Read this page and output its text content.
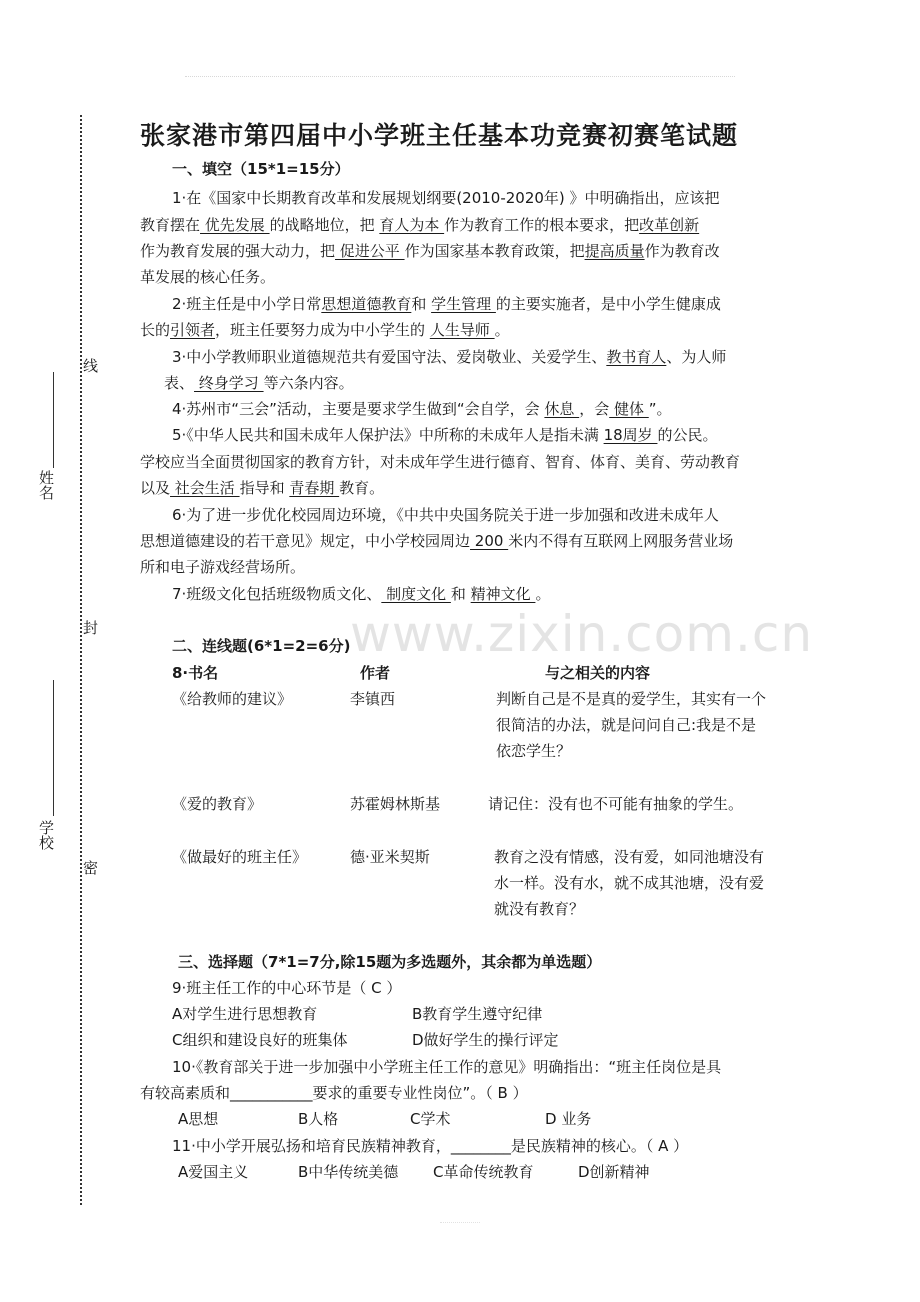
姓名
学校
线
封
密
www.zixin.com.cn
张家港市第四届中小学班主任基本功竞赛初赛笔试题
一、填空（15*1=15分）
1·在《国家中长期教育改革和发展规划纲要(2010-2020年) 》中明确指出，应该把
教育摆在 优先发展 的战略地位，把 育人为本 作为教育工作的根本要求，把改革创新
作为教育发展的强大动力，把 促进公平 作为国家基本教育政策，把提高质量作为教育改
革发展的核心任务。
2·班主任是中小学日常思想道德教育和 学生管理 的主要实施者，是中小学生健康成
长的引领者，班主任要努力成为中小学生的 人生导师 。
3·中小学教师职业道德规范共有爱国守法、爱岗敬业、关爱学生、教书育人、为人师
表、 终身学习 等六条内容。
4·苏州市“三会”活动，主要是要求学生做到“会自学，会 休息 ，会 健体 ”。
5·《中华人民共和国未成年人保护法》中所称的未成年人是指未满 18周岁 的公民。
学校应当全面贯彻国家的教育方针，对未成年学生进行德育、智育、体育、美育、劳动教育
以及 社会生活 指导和 青春期 教育。
6·为了进一步优化校园周边环境，《中共中央国务院关于进一步加强和改进未成年人
思想道德建设的若干意见》规定，中小学校园周边 200 米内不得有互联网上网服务营业场
所和电子游戏经营场所。
7·班级文化包括班级物质文化、 制度文化 和 精神文化 。
二、连线题(6*1=2=6分)
8·书名	作者	与之相关的内容
《给教师的建议》	李镇西	判断自己是不是真的爱学生，其实有一个
很简洁的办法，就是问问自己:我是不是
依恋学生？
《爱的教育》	苏霍姆林斯基	请记住：没有也不可能有抽象的学生。
《做最好的班主任》	德·亚米契斯	教育之没有情感，没有爱，如同池塘没有
水一样。没有水，就不成其池塘，没有爱
就没有教育？
三、选择题（7*1=7分,除15题为多选题外，其余都为单选题）
9·班主任工作的中心环节是（ C ）
A对学生进行思想教育	B教育学生遵守纪律
C组织和建设良好的班集体	D做好学生的操行评定
10·《教育部关于进一步加强中小学班主任工作的意见》明确指出：“班主任岗位是具
有较高素质和___________要求的重要专业性岗位”。（ B ）
A思想	B人格	C学术	D 业务
11·中小学开展弘扬和培育民族精神教育，________是民族精神的核心。（ A ）
A爱国主义	B中华传统美德 C革命传统教育	D创新精神
